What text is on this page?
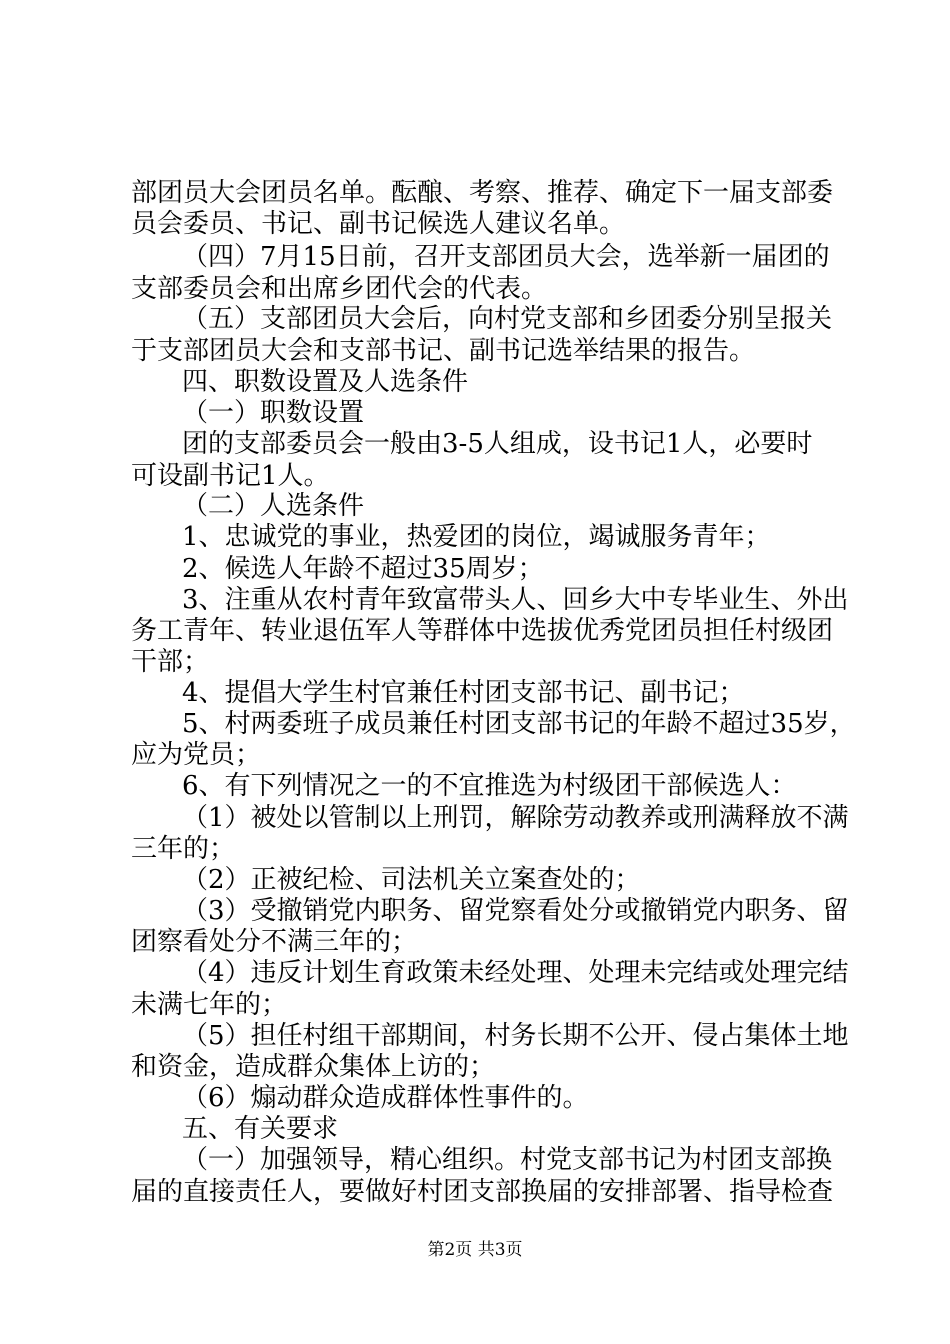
部团员大会团员名单。酝酿、考察、推荐、确定下一届支部委
员会委员、书记、副书记候选人建议名单。
（四）7月15日前，召开支部团员大会，选举新一届团的
支部委员会和出席乡团代会的代表。
（五）支部团员大会后，向村党支部和乡团委分别呈报关
于支部团员大会和支部书记、副书记选举结果的报告。
四、职数设置及人选条件
（一）职数设置
团的支部委员会一般由3-5人组成，设书记1人，必要时
可设副书记1人。
（二）人选条件
1、忠诚党的事业，热爱团的岗位，竭诚服务青年；
2、候选人年龄不超过35周岁；
3、注重从农村青年致富带头人、回乡大中专毕业生、外出
务工青年、转业退伍军人等群体中选拔优秀党团员担任村级团
干部；
4、提倡大学生村官兼任村团支部书记、副书记；
5、村两委班子成员兼任村团支部书记的年龄不超过35岁，
应为党员；
6、有下列情况之一的不宜推选为村级团干部候选人：
（1）被处以管制以上刑罚，解除劳动教养或刑满释放不满
三年的；
（2）正被纪检、司法机关立案查处的；
（3）受撤销党内职务、留党察看处分或撤销党内职务、留
团察看处分不满三年的；
（4）违反计划生育政策未经处理、处理未完结或处理完结
未满七年的；
（5）担任村组干部期间，村务长期不公开、侵占集体土地
和资金，造成群众集体上访的；
（6）煽动群众造成群体性事件的。
五、有关要求
（一）加强领导，精心组织。村党支部书记为村团支部换
届的直接责任人，要做好村团支部换届的安排部署、指导检查
第2页 共3页
